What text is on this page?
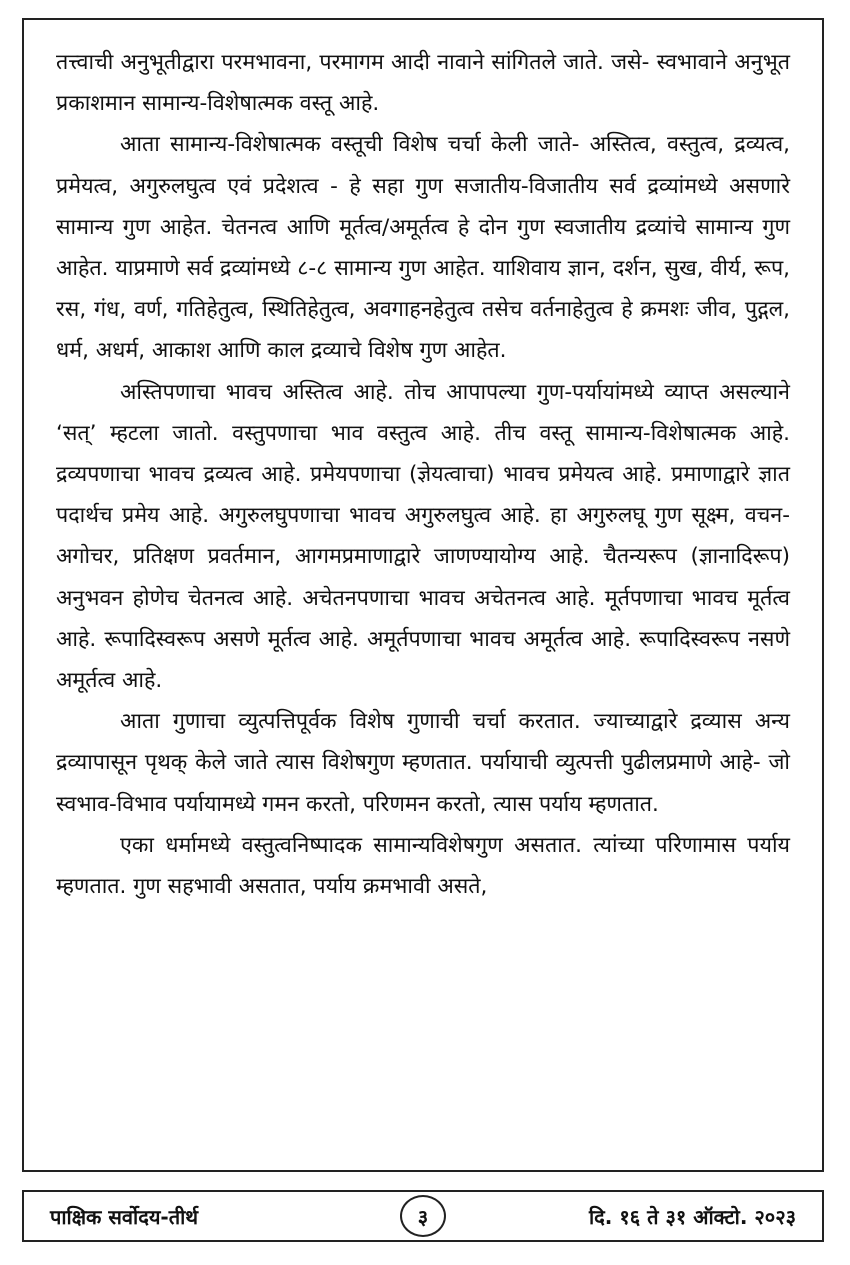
तत्त्वाची अनुभूतीद्वारा परमभावना, परमागम आदी नावाने सांगितले जाते. जसे- स्वभावाने अनुभूत प्रकाशमान सामान्य-विशेषात्मक वस्तू आहे.

आता सामान्य-विशेषात्मक वस्तूची विशेष चर्चा केली जाते- अस्तित्व, वस्तुत्व, द्रव्यत्व, प्रमेयत्व, अगुरुलघुत्व एवं प्रदेशत्व - हे सहा गुण सजातीय-विजातीय सर्व द्रव्यांमध्ये असणारे सामान्य गुण आहेत. चेतनत्व आणि मूर्तत्व/अमूर्तत्व हे दोन गुण स्वजातीय द्रव्यांचे सामान्य गुण आहेत. याप्रमाणे सर्व द्रव्यांमध्ये ८-८ सामान्य गुण आहेत. याशिवाय ज्ञान, दर्शन, सुख, वीर्य, रूप, रस, गंध, वर्ण, गतिहेतुत्व, स्थितिहेतुत्व, अवगाहनहेतुत्व तसेच वर्तनाहेतुत्व हे क्रमशः जीव, पुद्गल, धर्म, अधर्म, आकाश आणि काल द्रव्याचे विशेष गुण आहेत.

अस्तिपणाचा भावच अस्तित्व आहे. तोच आपापल्या गुण-पर्यायांमध्ये व्याप्त असल्याने ‘सत्’ म्हटला जातो. वस्तुपणाचा भाव वस्तुत्व आहे. तीच वस्तू सामान्य-विशेषात्मक आहे. द्रव्यपणाचा भावच द्रव्यत्व आहे. प्रमेयपणाचा (ज्ञेयत्वाचा) भावच प्रमेयत्व आहे. प्रमाणाद्वारे ज्ञात पदार्थच प्रमेय आहे. अगुरुलघुपणाचा भावच अगुरुलघुत्व आहे. हा अगुरुलघू गुण सूक्ष्म, वचन-अगोचर, प्रतिक्षण प्रवर्तमान, आगमप्रमाणाद्वारे जाणण्यायोग्य आहे. चैतन्यरूप (ज्ञानादिरूप) अनुभवन होणेच चेतनत्व आहे. अचेतनपणाचा भावच अचेतनत्व आहे. मूर्तपणाचा भावच मूर्तत्व आहे. रूपादिस्वरूप असणे मूर्तत्व आहे. अमूर्तपणाचा भावच अमूर्तत्व आहे. रूपादिस्वरूप नसणे अमूर्तत्व आहे.

आता गुणाचा व्युत्पत्तिपूर्वक विशेष गुणाची चर्चा करतात. ज्याच्याद्वारे द्रव्यास अन्य द्रव्यापासून पृथक् केले जाते त्यास विशेषगुण म्हणतात. पर्यायाची व्युत्पत्ती पुढीलप्रमाणे आहे- जो स्वभाव-विभाव पर्यायामध्ये गमन करतो, परिणमन करतो, त्यास पर्याय म्हणतात.

एका धर्मामध्ये वस्तुत्वनिष्पादक सामान्यविशेषगुण असतात. त्यांच्या परिणामास पर्याय म्हणतात. गुण सहभावी असतात, पर्याय क्रमभावी असते,

पाक्षिक सर्वोदय-तीर्थ	३	दि. १६ ते ३१ ऑक्टो. २०२३
